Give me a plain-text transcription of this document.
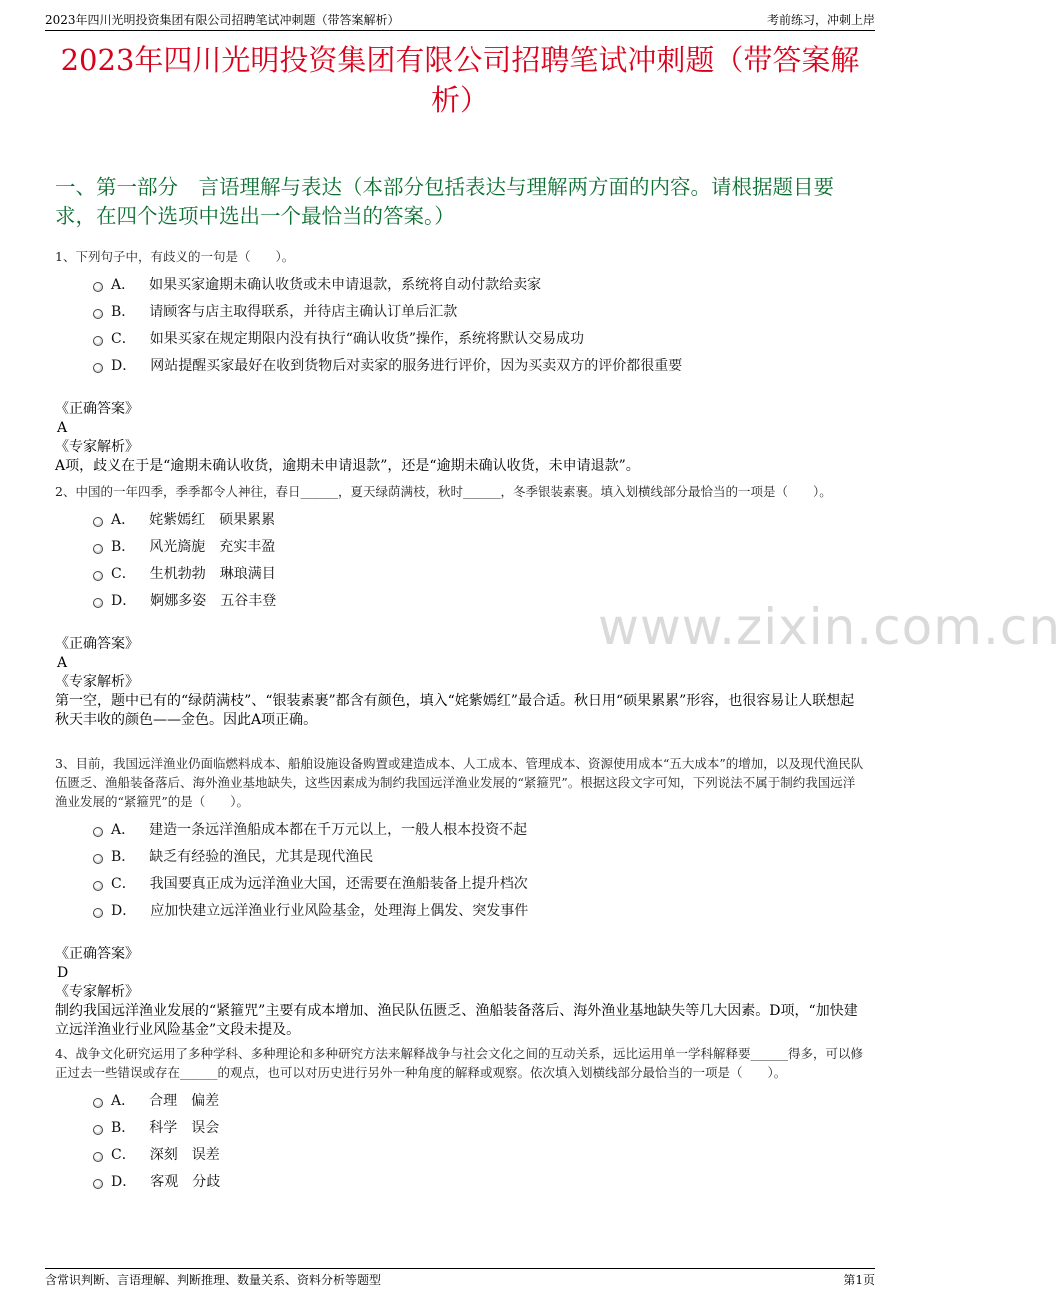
2023年四川光明投资集团有限公司招聘笔试冲刺题（带答案解析）	考前练习，冲刺上岸
2023年四川光明投资集团有限公司招聘笔试冲刺题（带答案解析）
一、第一部分　言语理解与表达（本部分包括表达与理解两方面的内容。请根据题目要求，在四个选项中选出一个最恰当的答案。）
1、下列句子中，有歧义的一句是（　　）。
A． 如果买家逾期未确认收货或未申请退款，系统将自动付款给卖家
B． 请顾客与店主取得联系，并待店主确认订单后汇款
C． 如果买家在规定期限内没有执行“确认收货”操作，系统将默认交易成功
D． 网站提醒买家最好在收到货物后对卖家的服务进行评价，因为买卖双方的评价都很重要
《正确答案》
A
《专家解析》
A项，歧义在于是“逾期未确认收货，逾期未申请退款”，还是“逾期未确认收货，未申请退款”。
2、中国的一年四季，季季都令人神往，春日______，夏天绿荫满枝，秋时______，冬季银装素裹。填入划横线部分最恰当的一项是（　　）。
A． 姹紫嫣红　硕果累累
B． 风光旖旎　充实丰盈
C． 生机勃勃　琳琅满目
D． 婀娜多姿　五谷丰登
《正确答案》
A
《专家解析》
第一空，题中已有的“绿荫满枝”、“银装素裹”都含有颜色，填入“姹紫嫣红”最合适。秋日用“硕果累累”形容，也很容易让人联想起秋天丰收的颜色——金色。因此A项正确。
3、目前，我国远洋渔业仍面临燃料成本、船舶设施设备购置或建造成本、人工成本、管理成本、资源使用成本“五大成本”的增加，以及现代渔民队伍匮乏、渔船装备落后、海外渔业基地缺失，这些因素成为制约我国远洋渔业发展的“紧箍咒”。根据这段文字可知，下列说法不属于制约我国远洋渔业发展的“紧箍咒”的是（　　）。
A． 建造一条远洋渔船成本都在千万元以上，一般人根本投资不起
B． 缺乏有经验的渔民，尤其是现代渔民
C． 我国要真正成为远洋渔业大国，还需要在渔船装备上提升档次
D． 应加快建立远洋渔业行业风险基金，处理海上偶发、突发事件
《正确答案》
D
《专家解析》
制约我国远洋渔业发展的“紧箍咒”主要有成本增加、渔民队伍匮乏、渔船装备落后、海外渔业基地缺失等几大因素。D项，“加快建立远洋渔业行业风险基金”文段未提及。
4、战争文化研究运用了多种学科、多种理论和多种研究方法来解释战争与社会文化之间的互动关系，远比运用单一学科解释要______得多，可以修正过去一些错误或存在______的观点，也可以对历史进行另外一种角度的解释或观察。依次填入划横线部分最恰当的一项是（　　）。
A． 合理　偏差
B． 科学　误会
C． 深刻　误差
D． 客观　分歧
www.zixin.com.cn
含常识判断、言语理解、判断推理、数量关系、资料分析等题型	第1页
